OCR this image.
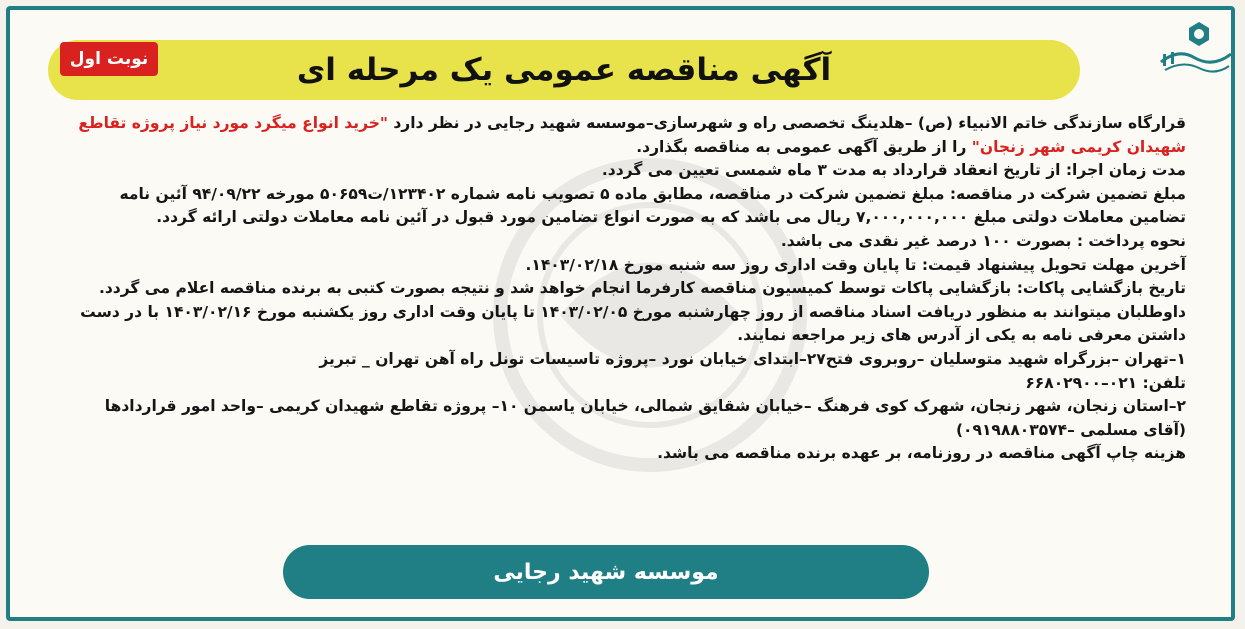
آگهی مناقصه عمومی یک مرحله ای
نوبت اول

قرارگاه سازندگی خاتم الانبیاء (ص) –هلدینگ تخصصی راه و شهرسازی–موسسه شهید رجایی در نظر دارد "خرید انواع میگرد مورد نیاز پروژه تقاطع شهیدان کریمی شهر زنجان" را از طریق آگهی عمومی به مناقصه بگذارد.

مدت زمان اجرا: از تاریخ انعقاد قرارداد به مدت ۳ ماه شمسی تعیین می گردد.

مبلغ تضمین شرکت در مناقصه: مبلغ تضمین شرکت در مناقصه، مطابق ماده ۵ تصویب نامه شماره ۱۲۳۴۰۲/ت۵۰۶۵۹ مورخه ۹۴/۰۹/۲۲ آئین نامه تضامین معاملات دولتی مبلغ ۷,۰۰۰,۰۰۰,۰۰۰ ریال می باشد که به صورت انواع تضامین مورد قبول در آئین نامه معاملات دولتی ارائه گردد.

نحوه پرداخت : بصورت ۱۰۰ درصد غیر نقدی می باشد.

آخرین مهلت تحویل پیشنهاد قیمت: تا پایان وقت اداری روز سه شنبه مورخ ۱۴۰۳/۰۲/۱۸.

تاریخ بازگشایی پاکات: بازگشایی پاکات توسط کمیسیون مناقصه کارفرما انجام خواهد شد و نتیجه بصورت کتبی به برنده مناقصه اعلام می گردد.

داوطلبان میتوانند به منظور دریافت اسناد مناقصه از روز چهارشنبه مورخ ۱۴۰۳/۰۲/۰۵ تا پایان وقت اداری روز یکشنبه مورخ ۱۴۰۳/۰۲/۱۶ با در دست داشتن معرفی نامه به یکی از آدرس های زیر مراجعه نمایند.

۱–تهران –بزرگراه شهید متوسلیان –روبروی فتح۲۷–ابتدای خیابان نورد –پروژه تاسیسات تونل راه آهن تهران _ تبریز

تلفن: ۰۲۱–۶۶۸۰۲۹۰۰

۲–استان زنجان، شهر زنجان، شهرک کوی فرهنگ –خیابان شقایق شمالی، خیابان یاسمن ۱۰– پروژه تقاطع شهیدان کریمی –واحد امور قراردادها (آقای مسلمی –۰۹۱۹۸۸۰۳۵۷۴)

هزینه چاپ آگهی مناقصه در روزنامه، بر عهده برنده مناقصه می باشد.

موسسه شهید رجایی
